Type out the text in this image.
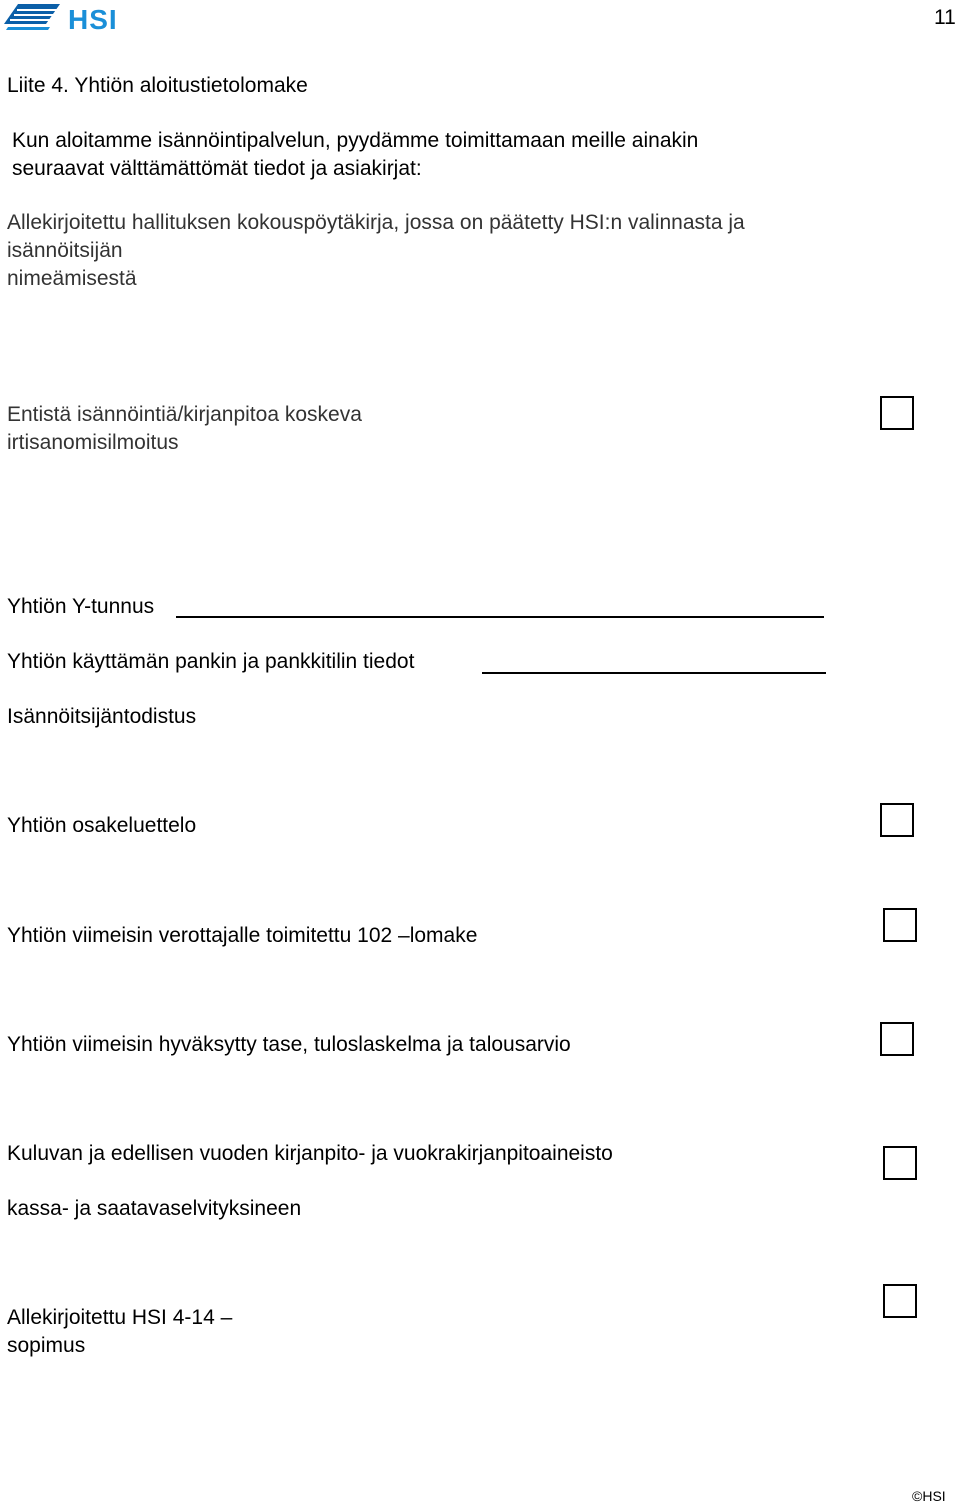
HSI	11
Liite 4. Yhtiön aloitustietolomake
Kun aloitamme isännöintipalvelun, pyydämme toimittamaan meille ainakin
seuraavat välttämättömät tiedot ja asiakirjat:
Allekirjoitettu hallituksen kokouspöytäkirja, jossa on päätetty HSI:n valinnasta ja
isännöitsijän
nimeämisestä
Entistä isännöintiä/kirjanpitoa koskeva
irtisanomisilmoitus
Yhtiön Y-tunnus
Yhtiön käyttämän pankin ja pankkitilin tiedot
Isännöitsijäntodistus
Yhtiön osakeluettelo
Yhtiön viimeisin verottajalle toimitettu 102 –lomake
Yhtiön viimeisin hyväksytty tase, tuloslaskelma ja talousarvio
Kuluvan ja edellisen vuoden kirjanpito- ja vuokrakirjanpitoaineisto
kassa- ja saatavaselvityksineen
Allekirjoitettu HSI 4-14 –
sopimus
©HSI
